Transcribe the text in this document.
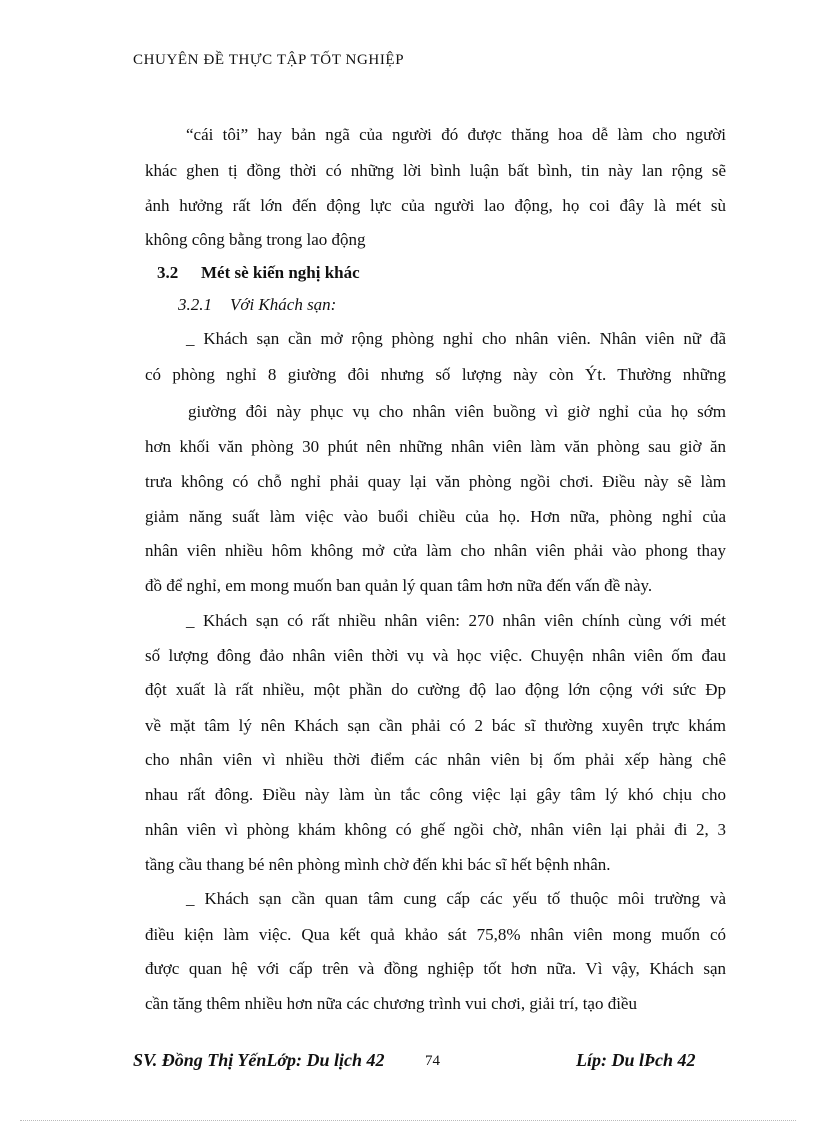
CHUYÊN ĐỀ THỰC TẬP TỐT NGHIỆP
“cái tôi” hay bản ngã của người đó được thăng hoa dễ làm cho người
khác ghen tị đồng thời có những lời bình luận bất bình, tin này lan rộng sẽ
ảnh hưởng rất lớn đến động lực của người lao động, họ coi đây là mét sù
không công bằng trong lao động
3.2 Mét sè kiến nghị khác
3.2.1 Với Khách sạn:
_ Khách sạn cần mở rộng phòng nghỉ cho nhân viên. Nhân viên nữ đã
có phòng nghỉ 8 giường đôi nhưng số lượng này còn Ýt. Thường những
giường đôi này phục vụ cho nhân viên buồng vì giờ nghỉ của họ sớm
hơn khối văn phòng 30 phút nên những nhân viên làm văn phòng sau giờ ăn
trưa không có chỗ nghỉ phải quay lại văn phòng ngồi chơi. Điều này sẽ làm
giảm năng suất làm việc vào buổi chiều của họ. Hơn nữa, phòng nghỉ của
nhân viên nhiều hôm không mở cửa làm cho nhân viên phải vào phong thay
đồ để nghỉ, em mong muốn ban quản lý quan tâm hơn nữa đến vấn đề này.
_ Khách sạn có rất nhiều nhân viên: 270 nhân viên chính cùng với mét
số lượng đông đảo nhân viên thời vụ và học việc. Chuyện nhân viên ốm đau
đột xuất là rất nhiều, một phần do cường độ lao động lớn cộng với sức Đp
về mặt tâm lý nên Khách sạn cần phải có 2 bác sĩ thường xuyên trực khám
cho nhân viên vì nhiều thời điểm các nhân viên bị ốm phải xếp hàng chê
nhau rất đông. Điều này làm ùn tắc công việc lại gây tâm lý khó chịu cho
nhân viên vì phòng khám không có ghế ngồi chờ, nhân viên lại phải đi 2, 3
tầng cầu thang bé nên phòng mình chờ đến khi bác sĩ hết bệnh nhân.
_ Khách sạn cần quan tâm cung cấp các yếu tố thuộc môi trường và
điều kiện làm việc. Qua kết quả khảo sát 75,8% nhân viên mong muốn có
được quan hệ với cấp trên và đồng nghiệp tốt hơn nữa. Vì vậy, Khách sạn
cần tăng thêm nhiều hơn nữa các chương trình vui chơi, giải trí, tạo điều
SV. Đồng Thị YếnLớp: Du lịch 42	74	Líp: Du lÞch 42
